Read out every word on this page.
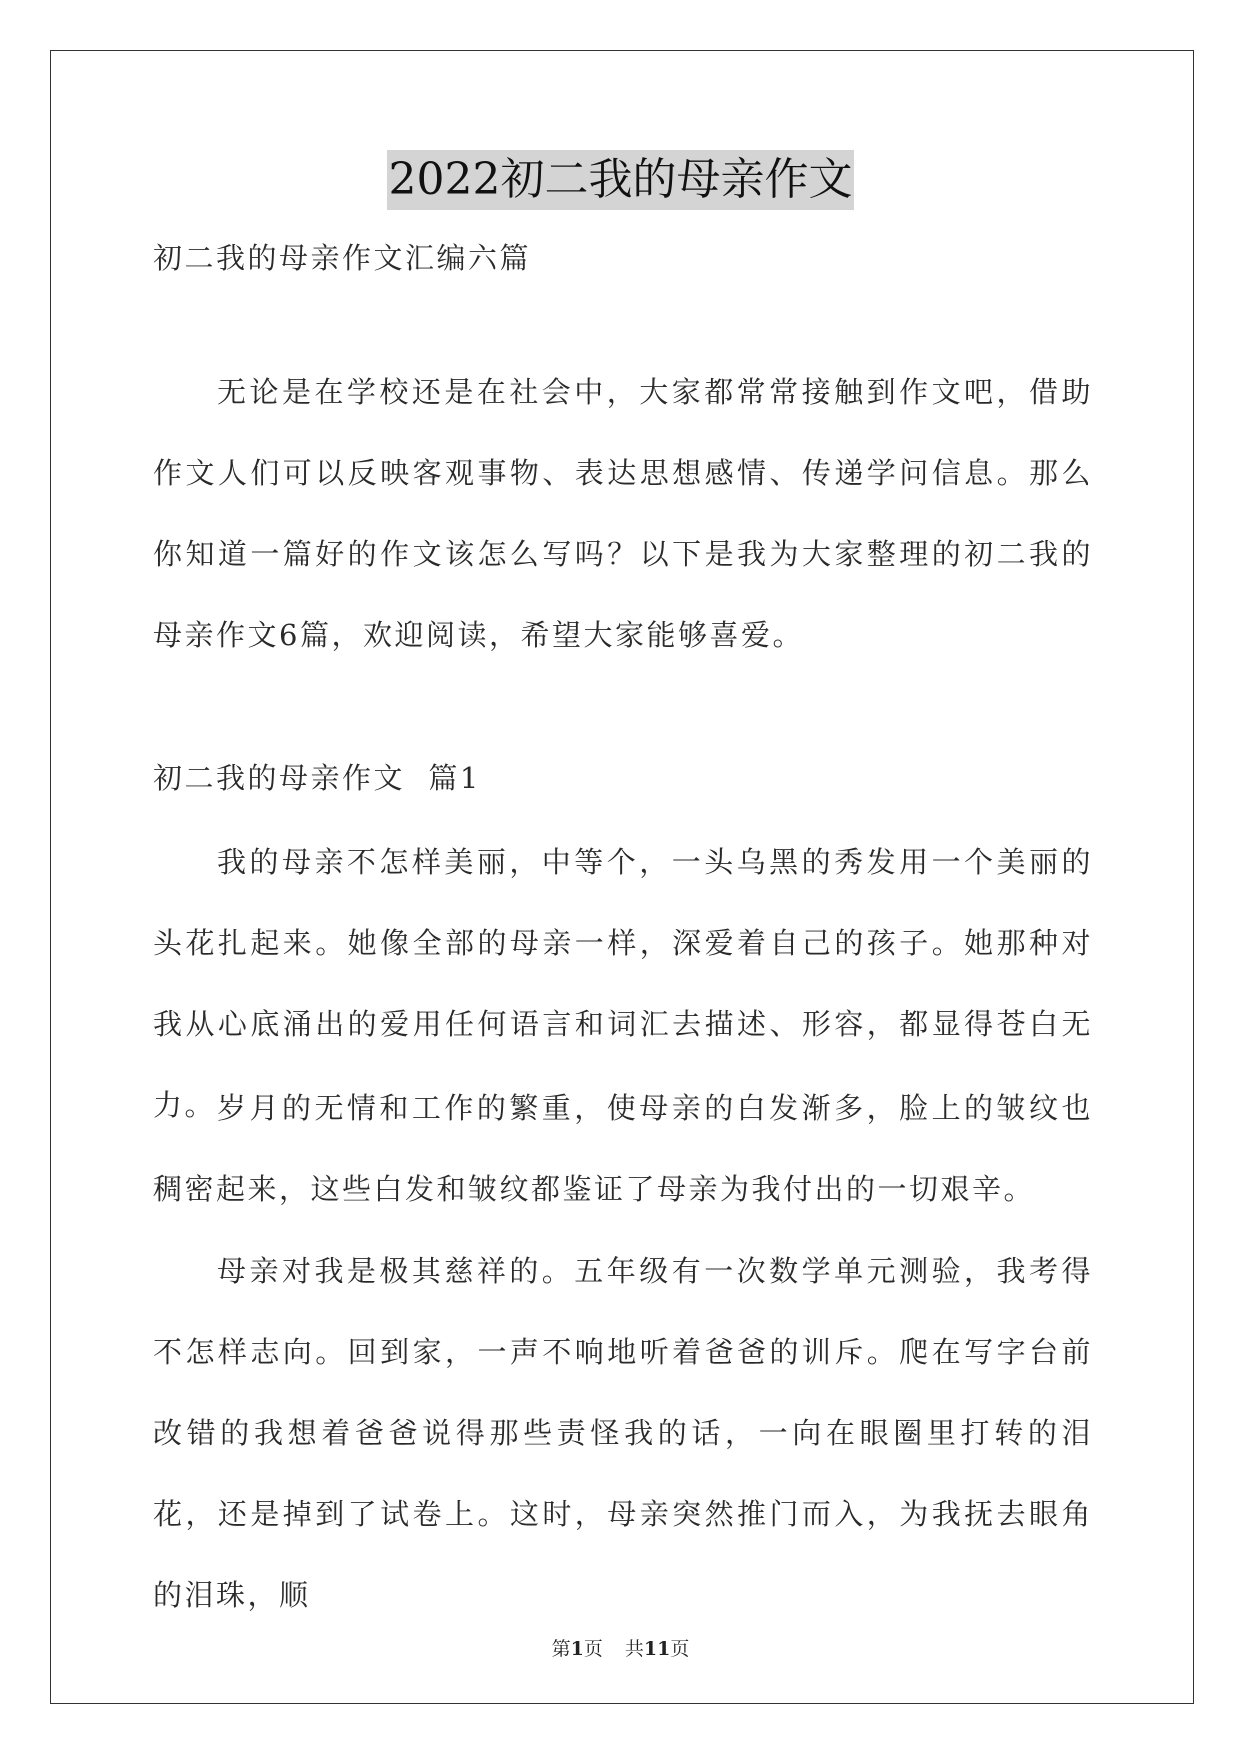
2022初二我的母亲作文
初二我的母亲作文汇编六篇
无论是在学校还是在社会中，大家都常常接触到作文吧，借助作文人们可以反映客观事物、表达思想感情、传递学问信息。那么你知道一篇好的作文该怎么写吗？以下是我为大家整理的初二我的母亲作文6篇，欢迎阅读，希望大家能够喜爱。
初二我的母亲作文  篇1
我的母亲不怎样美丽，中等个，一头乌黑的秀发用一个美丽的头花扎起来。她像全部的母亲一样，深爱着自己的孩子。她那种对我从心底涌出的爱用任何语言和词汇去描述、形容，都显得苍白无力。 岁月的无情和工作的繁重，使母亲的白发渐多，脸上的皱纹也稠密起来，这些白发和皱纹都鉴证了母亲为我付出的一切艰辛。
母亲对我是极其慈祥的。五年级有一次数学单元测验，我考得不怎样志向。回到家，一声不响地听着爸爸的训斥。爬在写字台前改错的我想着爸爸说得那些责怪我的话，一向在眼圈里打转的泪花，还是掉到了试卷上。这时，母亲突然推门而入，为我抚去眼角的泪珠，顺
第1页 共11页
